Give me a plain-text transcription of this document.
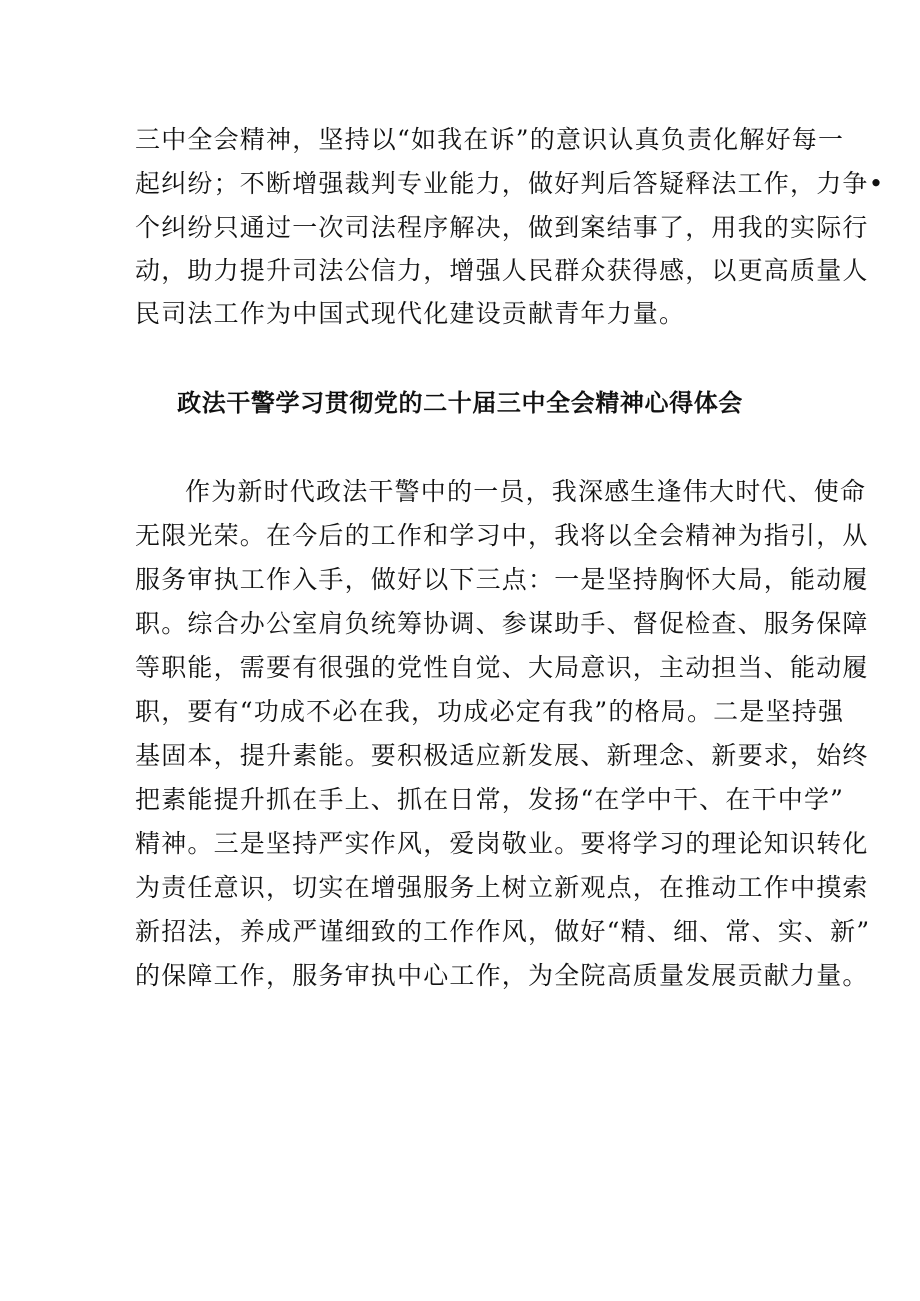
三中全会精神，坚持以“如我在诉”的意识认真负责化解好每一
起纠纷；不断增强裁判专业能力，做好判后答疑释法工作，力争•
个纠纷只通过一次司法程序解决，做到案结事了，用我的实际行
动，助力提升司法公信力，增强人民群众获得感，以更高质量人
民司法工作为中国式现代化建设贡献青年力量。
政法干警学习贯彻党的二十届三中全会精神心得体会
作为新时代政法干警中的一员，我深感生逢伟大时代、使命
无限光荣。在今后的工作和学习中，我将以全会精神为指引，从
服务审执工作入手，做好以下三点：一是坚持胸怀大局，能动履
职。综合办公室肩负统筹协调、参谋助手、督促检查、服务保障
等职能，需要有很强的党性自觉、大局意识，主动担当、能动履
职，要有“功成不必在我，功成必定有我”的格局。二是坚持强
基固本，提升素能。要积极适应新发展、新理念、新要求，始终
把素能提升抓在手上、抓在日常，发扬“在学中干、在干中学”
精神。三是坚持严实作风，爱岗敬业。要将学习的理论知识转化
为责任意识，切实在增强服务上树立新观点，在推动工作中摸索
新招法，养成严谨细致的工作作风，做好“精、细、常、实、新”
的保障工作，服务审执中心工作，为全院高质量发展贡献力量。
